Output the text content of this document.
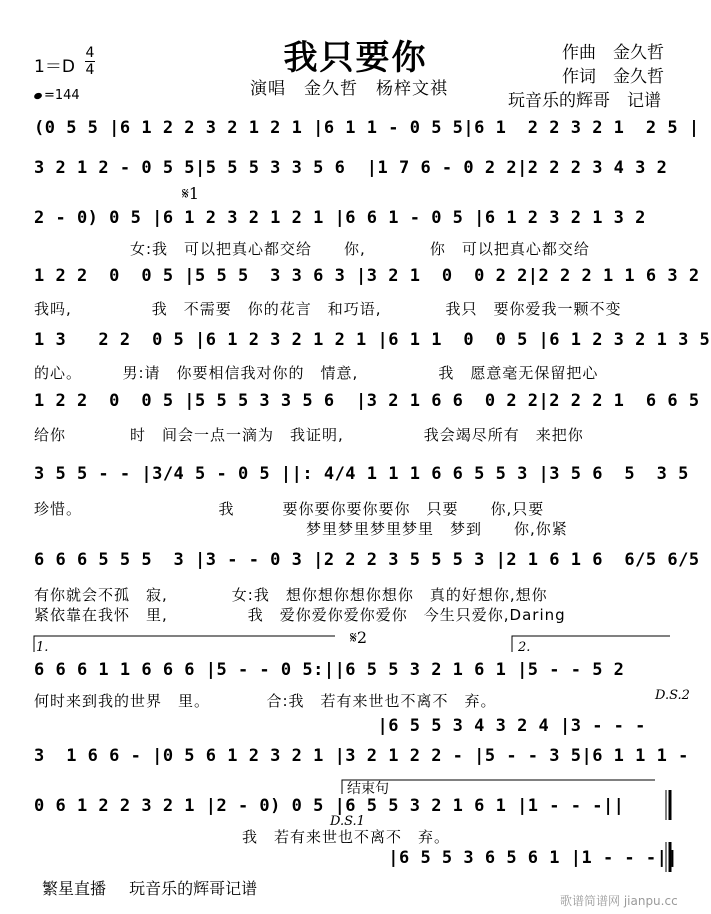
我只要你	作曲　金久哲
作词　金久哲
玩音乐的辉哥　记谱
演唱　金久哲　杨梓文祺
1＝D
4
4
=144
(0 5 5 |6 1 2 2 3 2 1 2 1 |6 1 1 - 0 5 5|6 1  2 2 3 2 1  2 5 |
3 2 1 2 - 0 5 5|5 5 5 3 3 5 6  |1 7 6 - 0 2 2|2 2 2 3 4 3 2
2 - 0) 0 5 |6 1 2 3 2 1 2 1 |6 6 1 - 0 5 |6 1 2 3 2 1 3 2
　　　　　　女:我　可以把真心都交给　　你,　　　　你　可以把真心都交给
1 2 2  0  0 5 |5 5 5  3 3 6 3 |3 2 1  0  0 2 2|2 2 2 1 1 6 3 2
我吗,　　　　　我　不需要　你的花言　和巧语,　　　　我只　要你爱我一颗不变
1 3   2 2  0 5 |6 1 2 3 2 1 2 1 |6 1 1  0  0 5 |6 1 2 3 2 1 3 5
的心。　　　男:请　你要相信我对你的　情意,　　　　　我　愿意毫无保留把心
1 2 2  0  0 5 |5 5 5 3 3 5 6  |3 2 1 6 6  0 2 2|2 2 2 1  6 6 5
给你　　　　时　间会一点一滴为　我证明,　　　　　我会竭尽所有　来把你
3 5 5 - - |3/4 5 - 0 5 ||: 4/4 1 1 1 6 6 5 5 3 |3 5 6  5  3 5
珍惜。　　　　　　　　　我　　　要你要你要你要你　只要　　你,只要
　　　　　　　　　　　　　　　　　梦里梦里梦里梦里　梦到　　你,你紧
6 6 6 5 5 5  3 |3 - - 0 3 |2 2 2 3 5 5 5 3 |2 1 6 1 6  6/5 6/5
有你就会不孤　寂,　　　　女:我　想你想你想你想你　真的好想你,想你
紧依靠在我怀　里,　　　　　我　爱你爱你爱你爱你　今生只爱你,Daring
6 6 6 1 1 6 6 6 |5 - - 0 5:||6 5 5 3 2 1 6 1 |5 - - 5 2
何时来到我的世界　里。　　　　合:我　若有来世也不离不　弃。
|6 5 5 3 4 3 2 4 |3 - - -
3  1 6 6 - |0 5 6 1 2 3 2 1 |3 2 1 2 2 - |5 - - 3 5|6 1 1 1 -
0 6 1 2 2 3 2 1 |2 - 0) 0 5 |6 5 5 3 2 1 6 1 |1 - - -||
　　　　　　　　　　　　　我　若有来世也不离不　弃。
|6 5 5 3 6 5 6 1 |1 - - -||
𝄋1
𝄋2
1.	2.
D.S.2
D.S.1
结束句
繁星直播 玩音乐的辉哥记谱
歌谱简谱网 jianpu.cc
